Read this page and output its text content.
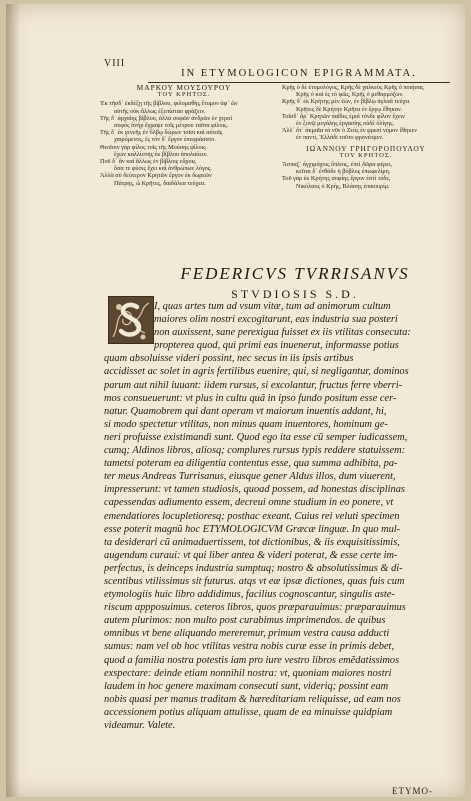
VIII
IN ETYMOLOGICON EPIGRAMMATA.
ΜΑΡΚΟΥ ΜΟΥΣΟΥΡΟΥ
ΤΟΥ ΚΡΗΤΟΣ.
Ἐκ τῆσδ᾽ ἐκδέξῃ τῆς βίβλου, φιλομαθὴς ἔτυμον ἀφ᾽ ὧν
αὐτῆς οὐκ ἄλλως ἐξεπίσταο φράζειν.
Τῆς δ᾽ ἀρχαίης βίβλου, ἀλλὰ σοφῶν ἀνδρῶν ἐν χερσί
σοφὸς ἀνὴρ ἔγραψε τοῖς μέτρου ταῦτα φίλοις.
Τῆς δ᾽ ἐκ γενεῆς ἐν ὄλβῳ δώρων τοῖσι καὶ αὐτοῖς
χαιρόμενος, ἐς τόν δ᾽ ἔργον ἐπεφράσατο.
Θεοῖσιν γὰρ φίλος τοῖς τῆς Μούσης φίλοις
ἔχων καλλίστης ἐκ βίβλου ἀπολαύειν.
Ποῦ δ᾽ ἂν καὶ ἄλλως ἐν βίβλοις εὕροις
ὅσα τε φύσις ἔχει καὶ ἀνθρώπων λόγος.
Ἀλλὰ σὺ δεύτερον Κρητῶν ἔργον ἐκ δωρεῶν
Πάτρης, ὦ Κρῆτες, δαιδάλεα τεύχεα.
Κρῆς ὁ δὲ ἐτυμολόγος, Κρῆς δὲ χαλκεὺς Κρῆς ὁ ποιήσας
Κρῆς ὁ καὶ ἐς τὸ φῶς, Κρῆς ὁ μεθαρμόζων.
Κρῆς δ᾽ ἐκ Κρήτης μὲν ἐὼν, ἐν βίβλῳ ἀγλαά τεύχει
Κρῆτες δὲ Κρήτην Κρῆτα ἐν ἔργῳ ἔθηκαν.
Τοῖσδ᾽ ἄρ᾽ Κρητῶν παῖδες ἐμοὶ τόνδε φίλον ἔχειν
ἐν ξυνῷ μεγάλης ἐργασίης οὐδὲ ὀλίγης.
Ἀλλ᾽ ὅτ᾽ ἀκμαῖα τὰ νῦν ὁ Ζεὺς ἐν φρεσὶ νόμον ἔθηκεν
ἐν παντὶ, Ἑλλάδι τοῦτο φρονέομεν.
ΙΩΑΝΝΟΥ ΓΡΗΓΟΡΟΠΟΥΛΟΥ
ΤΟΥ ΚΡΗΤΟΣ.
Ἄσπαζ᾽ ἀγχιμάχοις ὅπλοις, ἐπεὶ δῶρα φέρει,
κεῖται δ᾽ ἐνθάδε ἡ βύβλος ἐπωφελίμη.
Τοῦ γὰρ ἐκ Κρήτης σοφίης ἔργον ἐστὶ τόδε,
Νικόλαος ὁ Κρὴς, Βλάσης ἐπικουρίμ.
FEDERICVS TVRRISANVS
STVDIOSIS S.D.
I, quas artes tum ad vsum vitæ, tum ad animorum cultum
maiores olim nostri excogitarunt, eas industria sua posteri
non auxissent, sane perexigua fuisset ex iis vtilitas consecuta:
propterea quod, qui primi eas inuenerut, informasse potius
quam absoluisse videri possint, nec secus in iis ipsis artibus
accidisset ac solet in agris fertilibus euenire, qui, si negligantur, dominos
parum aut nihil iuuant: iidem rursus, si excolantur, fructus ferre vberri-
mos consueuerunt: vt plus in cultu quã in ipso fundo positum esse cer-
natur. Quamobrem qui dant operam vt maiorum inuentis addant, hi,
si modo spectetur vtilitas, non minus quam inuentores, hominum ge-
neri profuisse existimandi sunt. Quod ego ita esse cũ semper iudicassem,
cumq; Aldinos libros, aliosq; complures rursus typis reddere statuissem:
tametsi poteram ea diligentia contentus esse, qua summa adhibita, pa-
ter meus Andreas Turrisanus, eiusque gener Aldus illos, dum viuerent,
impresserunt: vt tamen studiosis, quoad possem, ad honestas disciplinas
capessendas adiumento essem, decreui omne studium in eo ponere, vt
emendatiores locupletioresq; posthac exeant. Cuius rei veluti specimen
esse poterit magnũ hoc ETYMOLOGICVM Græcæ linguæ. In quo mul-
ta desiderari cũ animaduertissem, tot dictionibus, & iis exquisitissimis,
augendum curaui: vt qui liber antea & videri poterat, & esse certe im-
perfectus, is deinceps industria sumptuq; nostro & absolutissimus & di-
scentibus vtilissimus sit futurus. atqs vt eæ ipsæ dictiones, quas fuis cum
etymologiis huic libro addidimus, facilius cognoscantur, singulis aste-
riscum appposuimus. ceteros libros, quos præparauimus: præparauimus
autem plurimos: non multo post curabimus imprimendos. de quibus
omnibus vt bene aliquando mereremur, primum vestra causa adducti
sumus: nam vel ob hoc vtilitas vestra nobis curæ esse in primis debet,
quod a familia nostra potestis iam pro iure vestro libros emẽdatissimos
exspectare: deinde etiam nonnihil nostra: vt, quoniam maiores nostri
laudem in hoc genere maximam consecuti sunt, videriq; possint eam
nobis quasi per manus traditam & hæreditariam reliquisse, ad eam nos
accessionem potius aliquam attulisse, quam de ea minuisse quidpiam
videamur. Valete.
ETYMO-
